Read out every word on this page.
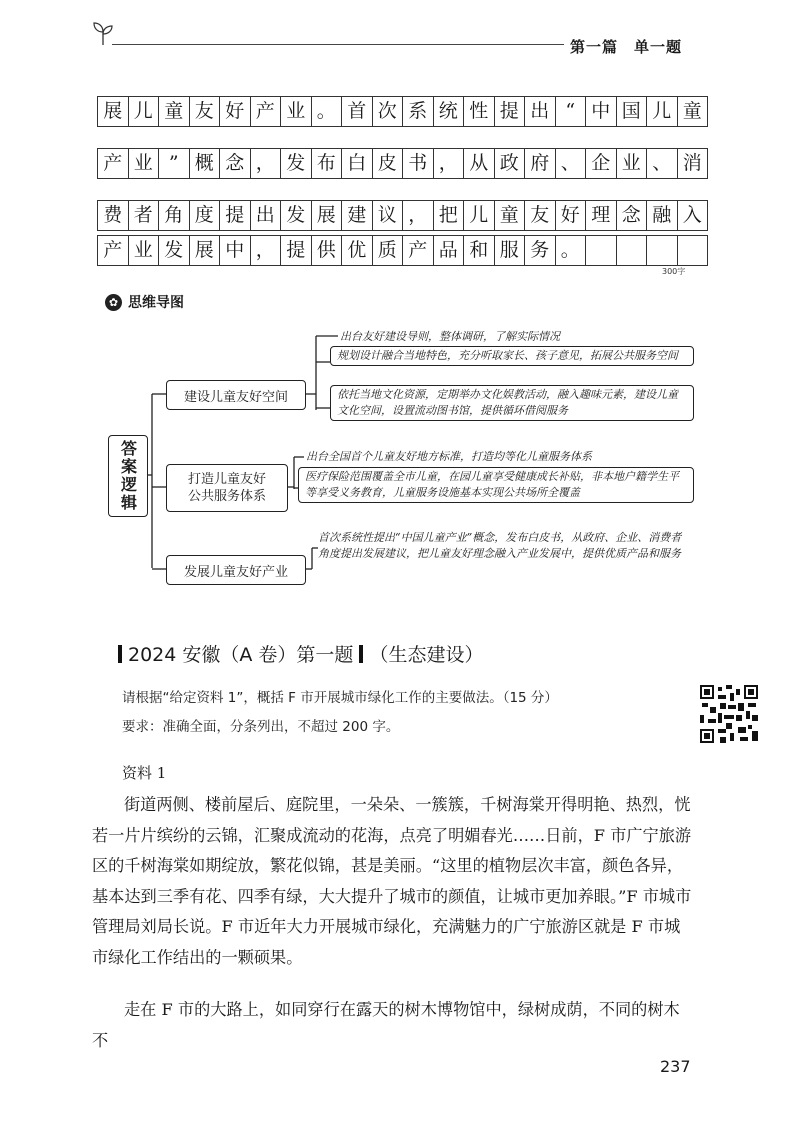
第一篇　单一题
展 儿 童 友 好 产 业 。 首 次 系 统 性 提 出 “ 中 国 儿 童
产 业 ” 概 念 ， 发 布 白 皮 书 ， 从 政 府 、 企 业 、 消
费 者 角 度 提 出 发 展 建 议 ， 把 儿 童 友 好 理 念 融 入
产 业 发 展 中 ， 提 供 优 质 产 品 和 服 务 。
300字
✿ 思维导图
答案逻辑
建设儿童友好空间
打造儿童友好
公共服务体系
发展儿童友好产业
出台友好建设导则，整体调研，了解实际情况
规划设计融合当地特色，充分听取家长、孩子意见，拓展公共服务空间
依托当地文化资源，定期举办文化娱教活动，融入趣味元素，建设儿童文化空间，设置流动图书馆，提供循环借阅服务
出台全国首个儿童友好地方标准，打造均等化儿童服务体系
医疗保险范围覆盖全市儿童，在园儿童享受健康成长补贴，非本地户籍学生平等享受义务教育，儿童服务设施基本实现公共场所全覆盖
首次系统性提出“中国儿童产业”概念，发布白皮书，从政府、企业、消费者角度提出发展建议，把儿童友好理念融入产业发展中，提供优质产品和服务
2024 安徽（A 卷）第一题 （生态建设）
请根据“给定资料 1”，概括 F 市开展城市绿化工作的主要做法。（15 分）
要求：准确全面，分条列出，不超过 200 字。
资料 1
街道两侧、楼前屋后、庭院里，一朵朵、一簇簇，千树海棠开得明艳、热烈，恍若一片片缤纷的云锦，汇聚成流动的花海，点亮了明媚春光……日前，F 市广宁旅游区的千树海棠如期绽放，繁花似锦，甚是美丽。“这里的植物层次丰富，颜色各异，基本达到三季有花、四季有绿，大大提升了城市的颜值，让城市更加养眼。”F 市城市管理局刘局长说。F 市近年大力开展城市绿化，充满魅力的广宁旅游区就是 F 市城市绿化工作结出的一颗硕果。
走在 F 市的大路上，如同穿行在露天的树木博物馆中，绿树成荫，不同的树木不
237
